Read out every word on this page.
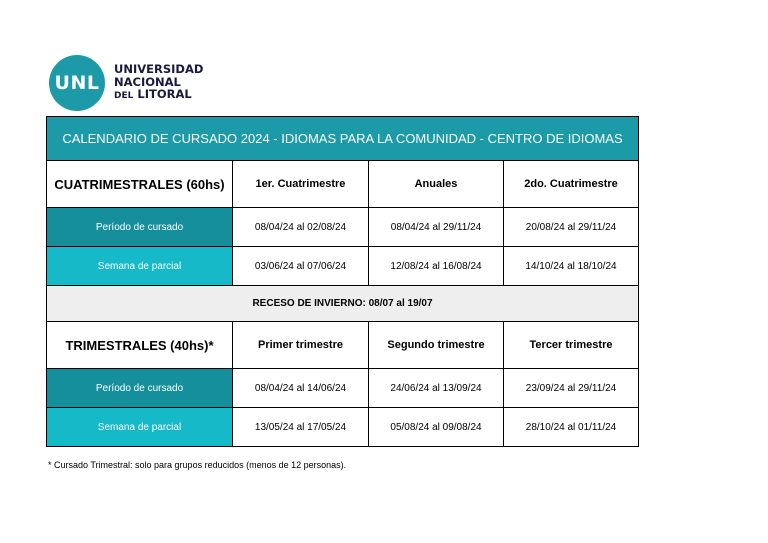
UNL
UNIVERSIDAD
NACIONAL
DEL LITORAL
CALENDARIO DE CURSADO 2024 - IDIOMAS PARA LA COMUNIDAD - CENTRO DE IDIOMAS			
CUATRIMESTRALES (60hs)	1er. Cuatrimestre	Anuales	2do. Cuatrimestre
Período de cursado	08/04/24 al 02/08/24	08/04/24 al 29/11/24	20/08/24 al 29/11/24
Semana de parcial	03/06/24 al 07/06/24	12/08/24 al 16/08/24	14/10/24 al 18/10/24
RECESO DE INVIERNO: 08/07 al 19/07			
TRIMESTRALES (40hs)*	Primer trimestre	Segundo trimestre	Tercer trimestre
Período de cursado	08/04/24 al 14/06/24	24/06/24 al 13/09/24	23/09/24 al 29/11/24
Semana de parcial	13/05/24 al 17/05/24	05/08/24 al 09/08/24	28/10/24 al 01/11/24
* Cursado Trimestral: solo para grupos reducidos (menos de 12 personas).
